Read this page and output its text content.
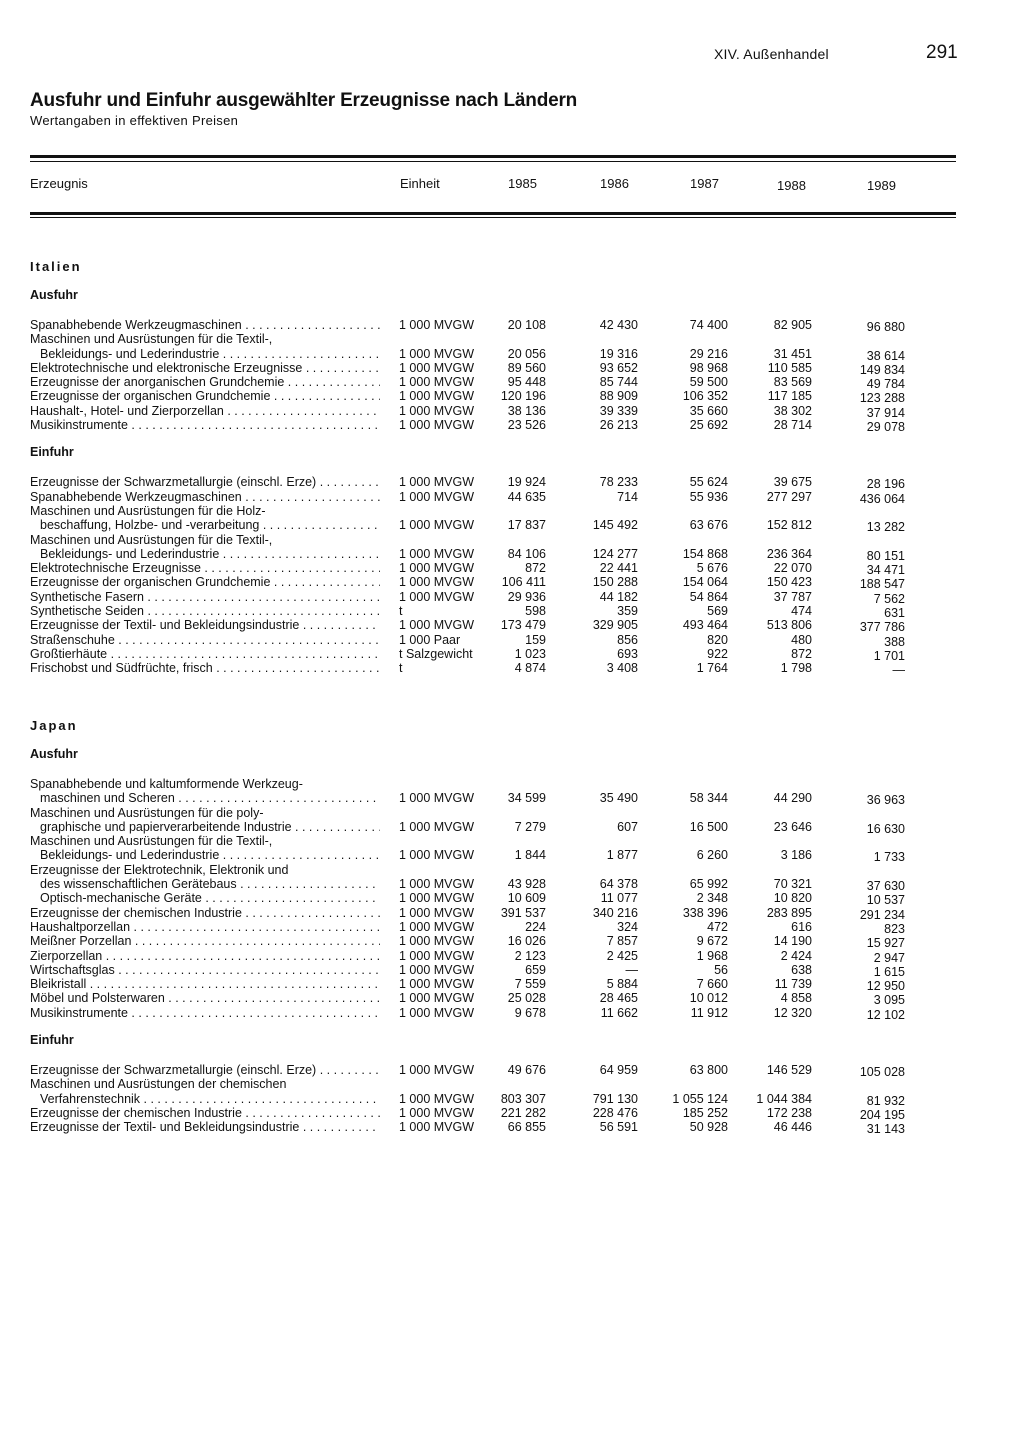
XIV. Außenhandel	291
Ausfuhr und Einfuhr ausgewählter Erzeugnisse nach Ländern

Wertangaben in effektiven Preisen

Erzeugnis	Einheit	1985	1986	1987	1988	1989
Italien
Ausfuhr
Spanabhebende Werkzeugmaschinen . . .	1 000 MVGW	20 108	42 430	74 400	82 905	96 880
Maschinen und Ausrüstungen für die Textil-,
Bekleidungs- und Lederindustrie . . .	1 000 MVGW	20 056	19 316	29 216	31 451	38 614
Elektrotechnische und elektronische Erzeugnisse . . .	1 000 MVGW	89 560	93 652	98 968	110 585	149 834
Erzeugnisse der anorganischen Grundchemie . . .	1 000 MVGW	95 448	85 744	59 500	83 569	49 784
Erzeugnisse der organischen Grundchemie . . .	1 000 MVGW	120 196	88 909	106 352	117 185	123 288
Haushalt-, Hotel- und Zierporzellan . . .	1 000 MVGW	38 136	39 339	35 660	38 302	37 914
Musikinstrumente . . .	1 000 MVGW	23 526	26 213	25 692	28 714	29 078
Einfuhr
Erzeugnisse der Schwarzmetallurgie (einschl. Erze) . . .	1 000 MVGW	19 924	78 233	55 624	39 675	28 196
Spanabhebende Werkzeugmaschinen . . .	1 000 MVGW	44 635	714	55 936	277 297	436 064
Maschinen und Ausrüstungen für die Holz-
beschaffung, Holzbe- und -verarbeitung . . .	1 000 MVGW	17 837	145 492	63 676	152 812	13 282
Maschinen und Ausrüstungen für die Textil-,
Bekleidungs- und Lederindustrie . . .	1 000 MVGW	84 106	124 277	154 868	236 364	80 151
Elektrotechnische Erzeugnisse . . .	1 000 MVGW	872	22 441	5 676	22 070	34 471
Erzeugnisse der organischen Grundchemie . . .	1 000 MVGW	106 411	150 288	154 064	150 423	188 547
Synthetische Fasern . . .	1 000 MVGW	29 936	44 182	54 864	37 787	7 562
Synthetische Seiden . . .	t	598	359	569	474	631
Erzeugnisse der Textil- und Bekleidungsindustrie . . .	1 000 MVGW	173 479	329 905	493 464	513 806	377 786
Straßenschuhe . . .	1 000 Paar	159	856	820	480	388
Großtierhäute . . .	t Salzgewicht	1 023	693	922	872	1 701
Frischobst und Südfrüchte, frisch . . .	t	4 874	3 408	1 764	1 798	—
Japan
Ausfuhr
Spanabhebende und kaltumformende Werkzeug-
maschinen und Scheren . . .	1 000 MVGW	34 599	35 490	58 344	44 290	36 963
Maschinen und Ausrüstungen für die poly-
graphische und papierverarbeitende Industrie . . .	1 000 MVGW	7 279	607	16 500	23 646	16 630
Maschinen und Ausrüstungen für die Textil-,
Bekleidungs- und Lederindustrie . . .	1 000 MVGW	1 844	1 877	6 260	3 186	1 733
Erzeugnisse der Elektrotechnik, Elektronik und
des wissenschaftlichen Gerätebaus . . .	1 000 MVGW	43 928	64 378	65 992	70 321	37 630
Optisch-mechanische Geräte . . .	1 000 MVGW	10 609	11 077	2 348	10 820	10 537
Erzeugnisse der chemischen Industrie . . .	1 000 MVGW	391 537	340 216	338 396	283 895	291 234
Haushaltporzellan . . .	1 000 MVGW	224	324	472	616	823
Meißner Porzellan . . .	1 000 MVGW	16 026	7 857	9 672	14 190	15 927
Zierporzellan . . .	1 000 MVGW	2 123	2 425	1 968	2 424	2 947
Wirtschaftsglas . . .	1 000 MVGW	659	—	56	638	1 615
Bleikristall . . .	1 000 MVGW	7 559	5 884	7 660	11 739	12 950
Möbel und Polsterwaren . . .	1 000 MVGW	25 028	28 465	10 012	4 858	3 095
Musikinstrumente . . .	1 000 MVGW	9 678	11 662	11 912	12 320	12 102
Einfuhr
Erzeugnisse der Schwarzmetallurgie (einschl. Erze) . . .	1 000 MVGW	49 676	64 959	63 800	146 529	105 028
Maschinen und Ausrüstungen der chemischen
Verfahrenstechnik . . .	1 000 MVGW	803 307	791 130	1 055 124	1 044 384	81 932
Erzeugnisse der chemischen Industrie . . .	1 000 MVGW	221 282	228 476	185 252	172 238	204 195
Erzeugnisse der Textil- und Bekleidungsindustrie . . .	1 000 MVGW	66 855	56 591	50 928	46 446	31 143
